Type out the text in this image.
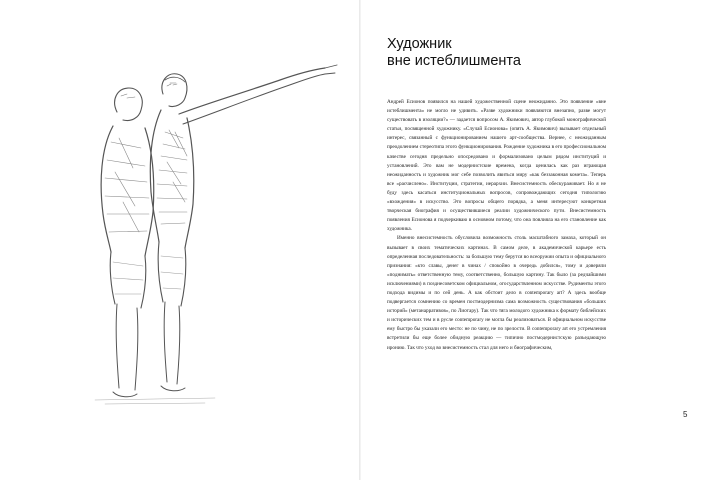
Художник
вне истеблишмента

Андрей Есионов появился на нашей художественной сцене неожиданно. Это появление «вне истеблишмента» не могло не удивить. «Разве художники появляются внезапно, разве могут существовать в изоляции?» — задается вопросом А. Якимович, автор глубокой монографической статьи, посвященной художнику. «Случай Есионова» (опять А. Якимович) вызывает отдельный интерес, связанный с функционированием нашего арт-сообщества. Вернее, с неожиданным преодолением стереотипа этого функционирования. Рождение художника в его профессиональном качестве сегодня предельно опосредовано и формализовано целым рядом институций и установлений. Это вам не модернистские времена, когда ценилась как раз играющая неожиданность и художник мог себе позволить явиться миру «как беззаконная комета». Теперь все «расчислено». Институции, стратегии, иерархии. Внесистемность обескураживает. Но я не буду здесь касаться институциональных вопросов, сопровождающих сегодня типологию «вхождения» в искусство. Это вопросы общего порядка, а меня интересуют конкретная творческая биография и осуществившиеся реалии художнического пути. Внесистемность появления Есионова я подчеркиваю в основном потому, что она повлияла на его становление как художника.

Именно внесистемность обусловила возможность столь масштабного замаха, который он вызывает в своих тематических картинах. В самом деле, в академической карьере есть определенная последовательность: за большую тему берутся во всеоружии опыта и официального признания: «кто славы, денег в чинах / спокойно в очередь добился», тому и доверяли «поднимать» ответственную тему, соответственно, большую картину. Так было (за редчайшими исключениями) в позднесоветском официальном, огосударствленном искусстве. Рудименты этого подхода видимы и по сей день. А как обстоит дело в contemporary art? А здесь вообще подвергается сомнению со времен постмодернизма сама возможность существования «больших историй» (метанарративов», по Лиотару). Так что тяга молодого художника к формату библейских и исторических тем и в русле contemporary не могла бы реализоваться. В официальном искусстве ему быстро бы указали его место: не по чину, не по зрелости. В contemporary art его устремления встретили бы еще более обидную реакцию — типично постмодернистскую разъедающую иронию. Так что уход во внесистемность стал для него и биографическим,

5
